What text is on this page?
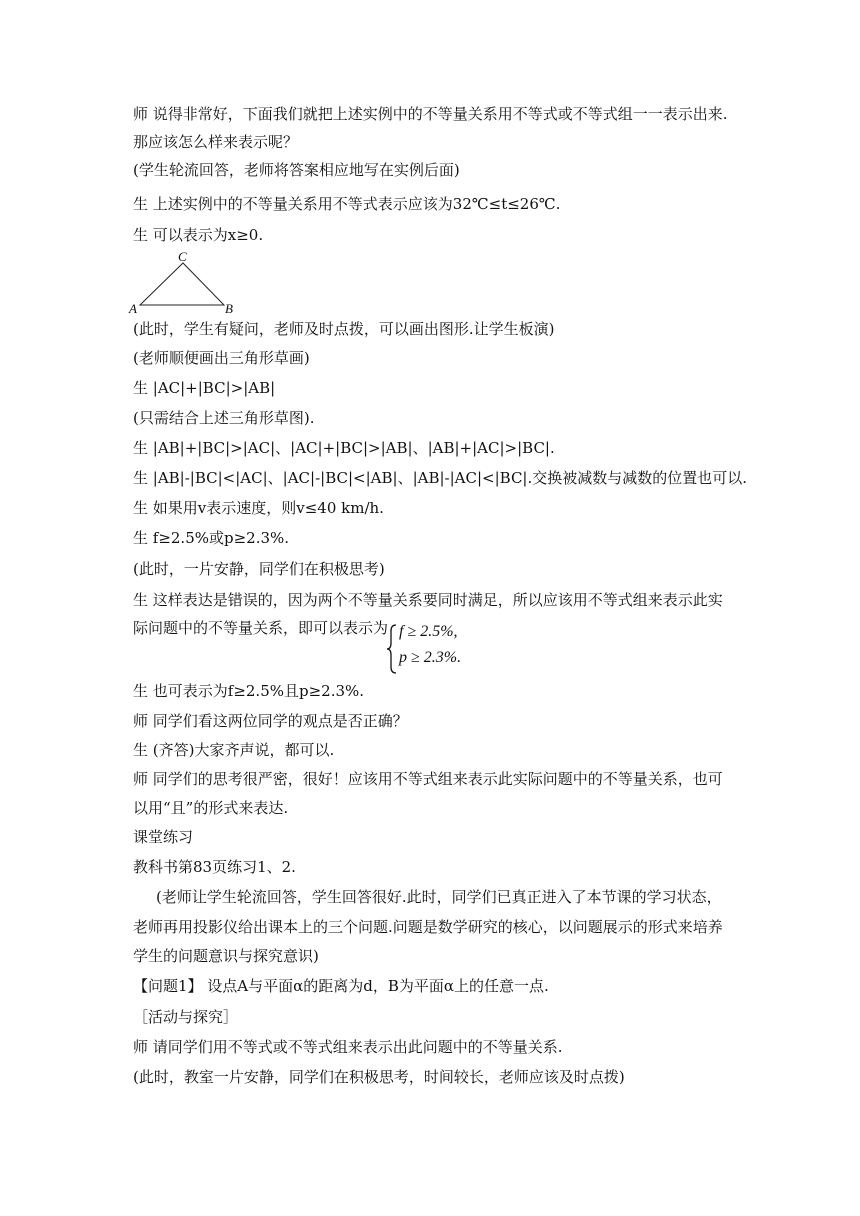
师 说得非常好，下面我们就把上述实例中的不等量关系用不等式或不等式组一一表示出来.
那应该怎么样来表示呢？
(学生轮流回答，老师将答案相应地写在实例后面)
生 上述实例中的不等量关系用不等式表示应该为32℃≤t≤26℃.
生 可以表示为x≥0.
C
A	B
(此时，学生有疑问，老师及时点拨，可以画出图形.让学生板演)
(老师顺便画出三角形草画)
生 |AC|+|BC|>|AB|
(只需结合上述三角形草图).
生 |AB|+|BC|>|AC|、|AC|+|BC|>|AB|、|AB|+|AC|>|BC|.
生 |AB|-|BC|<|AC|、|AC|-|BC|<|AB|、|AB|-|AC|<|BC|.交换被减数与减数的位置也可以.
生 如果用v表示速度，则v≤40 km/h.
生 f≥2.5%或p≥2.3%.
(此时，一片安静，同学们在积极思考)
生 这样表达是错误的，因为两个不等量关系要同时满足，所以应该用不等式组来表示此实
际问题中的不等量关系，即可以表示为 f ≥ 2.5%,
p ≥ 2.3%.
生 也可表示为f≥2.5%且p≥2.3%.
师 同学们看这两位同学的观点是否正确？
生 (齐答)大家齐声说，都可以.
师 同学们的思考很严密，很好！应该用不等式组来表示此实际问题中的不等量关系，也可
以用“且”的形式来表达.
课堂练习
教科书第83页练习1、2.
(老师让学生轮流回答，学生回答很好.此时，同学们已真正进入了本节课的学习状态，
老师再用投影仪给出课本上的三个问题.问题是数学研究的核心，以问题展示的形式来培养
学生的问题意识与探究意识)
【问题1】 设点A与平面α的距离为d，B为平面α上的任意一点.
［活动与探究］
师 请同学们用不等式或不等式组来表示出此问题中的不等量关系.
(此时，教室一片安静，同学们在积极思考，时间较长，老师应该及时点拨)
